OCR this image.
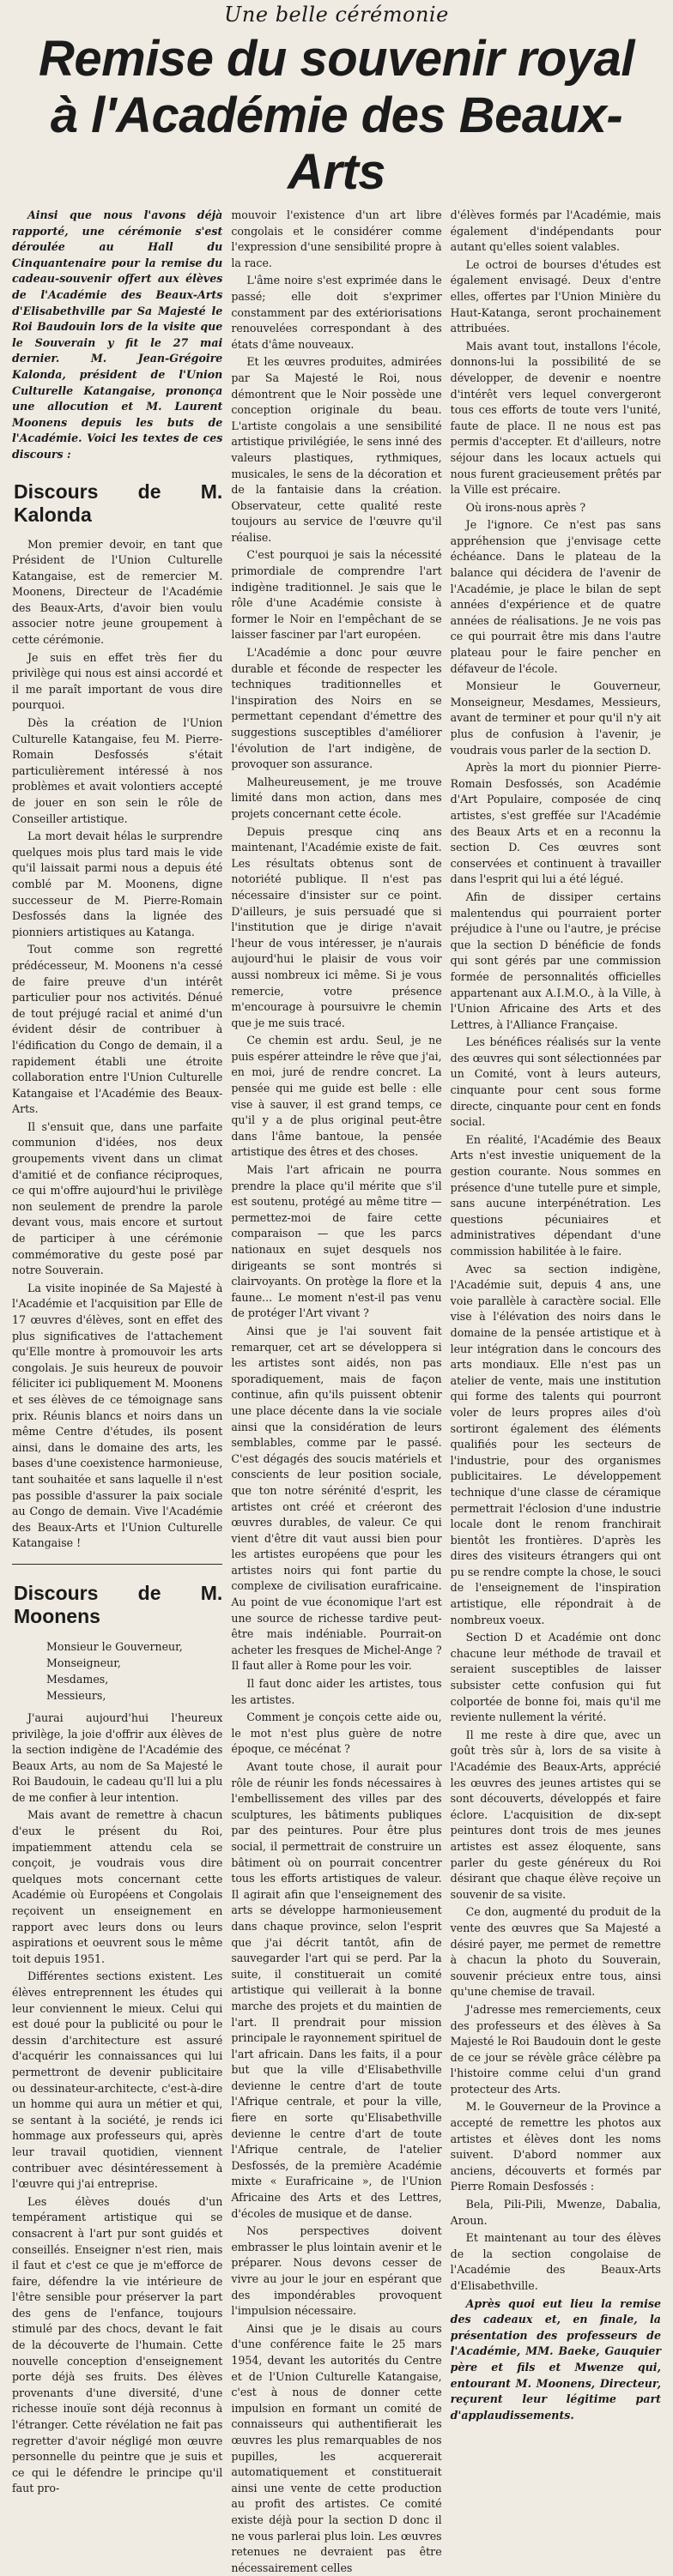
Une belle cérémonie
Remise du souvenir royal
à l'Académie des Beaux-Arts

Ainsi que nous l'avons déjà rapporté, une cérémonie s'est déroulée au Hall du Cinquantenaire pour la remise du cadeau-souvenir offert aux élèves de l'Académie des Beaux-Arts d'Elisabethville par Sa Majesté le Roi Baudouin lors de la visite que le Souverain y fit le 27 mai dernier. M. Jean-Grégoire Kalonda, président de l'Union Culturelle Katangaise, prononça une allocution et M. Laurent Moonens depuis les buts de l'Académie. Voici les textes de ces discours :

Discours de M. Kalonda

Mon premier devoir, en tant que Président de l'Union Culturelle Katangaise, est de remercier M. Moonens, Directeur de l'Académie des Beaux-Arts, d'avoir bien voulu associer notre jeune groupement à cette cérémonie.

Je suis en effet très fier du privilège qui nous est ainsi accordé et il me paraît important de vous dire pourquoi.

Dès la création de l'Union Culturelle Katangaise, feu M. Pierre-Romain Desfossés s'était particulièrement intéressé à nos problèmes et avait volontiers accepté de jouer en son sein le rôle de Conseiller artistique.

La mort devait hélas le surprendre quelques mois plus tard mais le vide qu'il laissait parmi nous a depuis été comblé par M. Moonens, digne successeur de M. Pierre-Romain Desfossés dans la lignée des pionniers artistiques au Katanga.

Tout comme son regretté prédécesseur, M. Moonens n'a cessé de faire preuve d'un intérêt particulier pour nos activités. Dénué de tout préjugé racial et animé d'un évident désir de contribuer à l'édification du Congo de demain, il a rapidement établi une étroite collaboration entre l'Union Culturelle Katangaise et l'Académie des Beaux-Arts.

Il s'ensuit que, dans une parfaite communion d'idées, nos deux groupements vivent dans un climat d'amitié et de confiance réciproques, ce qui m'offre aujourd'hui le privilège non seulement de prendre la parole devant vous, mais encore et surtout de participer à une cérémonie commémorative du geste posé par notre Souverain.

La visite inopinée de Sa Majesté à l'Académie et l'acquisition par Elle de 17 œuvres d'élèves, sont en effet des plus significatives de l'attachement qu'Elle montre à promouvoir les arts congolais. Je suis heureux de pouvoir féliciter ici publiquement M. Moonens et ses élèves de ce témoignage sans prix. Réunis blancs et noirs dans un même Centre d'études, ils posent ainsi, dans le domaine des arts, les bases d'une coexistence harmonieuse, tant souhaitée et sans laquelle il n'est pas possible d'assurer la paix sociale au Congo de demain. Vive l'Académie des Beaux-Arts et l'Union Culturelle Katangaise !

Discours de M. Moonens

Monsieur le Gouverneur,

Monseigneur,

Mesdames,

Messieurs,

J'aurai aujourd'hui l'heureux privilège, la joie d'offrir aux élèves de la section indigène de l'Académie des Beaux Arts, au nom de Sa Majesté le Roi Baudouin, le cadeau qu'Il lui a plu de me confier à leur intention.

Mais avant de remettre à chacun d'eux le présent du Roi, impatiemment attendu cela se conçoit, je voudrais vous dire quelques mots concernant cette Académie où Européens et Congolais reçoivent un enseignement en rapport avec leurs dons ou leurs aspirations et oeuvrent sous le même toit depuis 1951.

Différentes sections existent. Les élèves entreprennent les études qui leur conviennent le mieux. Celui qui est doué pour la publicité ou pour le dessin d'architecture est assuré d'acquérir les connaissances qui lui permettront de devenir publicitaire ou dessinateur-architecte, c'est-à-dire un homme qui aura un métier et qui, se sentant à la société, je rends ici hommage aux professeurs qui, après leur travail quotidien, viennent contribuer avec désintéressement à l'œuvre qui j'ai entreprise.

Les élèves doués d'un tempérament artistique qui se consacrent à l'art pur sont guidés et conseillés. Enseigner n'est rien, mais il faut et c'est ce que je m'efforce de faire, défendre la vie intérieure de l'être sensible pour préserver la part des gens de l'enfance, toujours stimulé par des chocs, devant le fait de la découverte de l'humain. Cette nouvelle conception d'enseignement porte déjà ses fruits. Des élèves provenants d'une diversité, d'une richesse inouïe sont déjà reconnus à l'étranger. Cette révélation ne fait pas regretter d'avoir négligé mon œuvre personnelle du peintre que je suis et ce qui le défendre le principe qu'il faut pro-

mouvoir l'existence d'un art libre congolais et le considérer comme l'expression d'une sensibilité propre à la race.

L'âme noire s'est exprimée dans le passé; elle doit s'exprimer constamment par des extériorisations renouvelées correspondant à des états d'âme nouveaux.

Et les œuvres produites, admirées par Sa Majesté le Roi, nous démontrent que le Noir possède une conception originale du beau. L'artiste congolais a une sensibilité artistique privilégiée, le sens inné des valeurs plastiques, rythmiques, musicales, le sens de la décoration et de la fantaisie dans la création. Observateur, cette qualité reste toujours au service de l'œuvre qu'il réalise.

C'est pourquoi je sais la nécessité primordiale de comprendre l'art indigène traditionnel. Je sais que le rôle d'une Académie consiste à former le Noir en l'empêchant de se laisser fasciner par l'art européen.

L'Académie a donc pour œuvre durable et féconde de respecter les techniques traditionnelles et l'inspiration des Noirs en se permettant cependant d'émettre des suggestions susceptibles d'améliorer l'évolution de l'art indigène, de provoquer son assurance.

Malheureusement, je me trouve limité dans mon action, dans mes projets concernant cette école.

Depuis presque cinq ans maintenant, l'Académie existe de fait. Les résultats obtenus sont de notoriété publique. Il n'est pas nécessaire d'insister sur ce point. D'ailleurs, je suis persuadé que si l'institution que je dirige n'avait l'heur de vous intéresser, je n'aurais aujourd'hui le plaisir de vous voir aussi nombreux ici même. Si je vous remercie, votre présence m'encourage à poursuivre le chemin que je me suis tracé.

Ce chemin est ardu. Seul, je ne puis espérer atteindre le rêve que j'ai, en moi, juré de rendre concret. La pensée qui me guide est belle : elle vise à sauver, il est grand temps, ce qu'il y a de plus original peut-être dans l'âme bantoue, la pensée artistique des êtres et des choses.

Mais l'art africain ne pourra prendre la place qu'il mérite que s'il est soutenu, protégé au même titre — permettez-moi de faire cette comparaison — que les parcs nationaux en sujet desquels nos dirigeants se sont montrés si clairvoyants. On protège la flore et la faune... Le moment n'est-il pas venu de protéger l'Art vivant ?

Ainsi que je l'ai souvent fait remarquer, cet art se développera si les artistes sont aidés, non pas sporadiquement, mais de façon continue, afin qu'ils puissent obtenir une place décente dans la vie sociale ainsi que la considération de leurs semblables, comme par le passé. C'est dégagés des soucis matériels et conscients de leur position sociale, que ton notre sérénité d'esprit, les artistes ont créé et créeront des œuvres durables, de valeur. Ce qui vient d'être dit vaut aussi bien pour les artistes européens que pour les artistes noirs qui font partie du complexe de civilisation eurafricaine. Au point de vue économique l'art est une source de richesse tardive peut-être mais indéniable. Pourrait-on acheter les fresques de Michel-Ange ? Il faut aller à Rome pour les voir.

Il faut donc aider les artistes, tous les artistes.

Comment je conçois cette aide ou, le mot n'est plus guère de notre époque, ce mécénat ?

Avant toute chose, il aurait pour rôle de réunir les fonds nécessaires à l'embellissement des villes par des sculptures, les bâtiments publiques par des peintures. Pour être plus social, il permettrait de construire un bâtiment où on pourrait concentrer tous les efforts artistiques de valeur. Il agirait afin que l'enseignement des arts se développe harmonieusement dans chaque province, selon l'esprit que j'ai décrit tantôt, afin de sauvegarder l'art qui se perd. Par la suite, il constituerait un comité artistique qui veillerait à la bonne marche des projets et du maintien de l'art. Il prendrait pour mission principale le rayonnement spirituel de l'art africain. Dans les faits, il a pour but que la ville d'Elisabethville devienne le centre d'art de toute l'Afrique centrale, et pour la ville, fiere en sorte qu'Elisabethville devienne le centre d'art de toute l'Afrique centrale, de l'atelier Desfossés, de la première Académie mixte « Eurafricaine », de l'Union Africaine des Arts et des Lettres, d'écoles de musique et de danse.

Nos perspectives doivent embrasser le plus lointain avenir et le préparer. Nous devons cesser de vivre au jour le jour en espérant que des impondérables provoquent l'impulsion nécessaire.

Ainsi que je le disais au cours d'une conférence faite le 25 mars 1954, devant les autorités du Centre et de l'Union Culturelle Katangaise, c'est à nous de donner cette impulsion en formant un comité de connaisseurs qui authentifierait les œuvres les plus remarquables de nos pupilles, les acquererait automatiquement et constituerait ainsi une vente de cette production au profit des artistes. Ce comité existe déjà pour la section D donc il ne vous parlerai plus loin. Les œuvres retenues ne devraient pas être nécessairement celles

d'élèves formés par l'Académie, mais également d'indépendants pour autant qu'elles soient valables.

Le octroi de bourses d'études est également envisagé. Deux d'entre elles, offertes par l'Union Minière du Haut-Katanga, seront prochainement attribuées.

Mais avant tout, installons l'école, donnons-lui la possibilité de se développer, de devenir e noentre d'intérêt vers lequel convergeront tous ces efforts de toute vers l'unité, faute de place. Il ne nous est pas permis d'accepter. Et d'ailleurs, notre séjour dans les locaux actuels qui nous furent gracieusement prêtés par la Ville est précaire.

Où irons-nous après ?

Je l'ignore. Ce n'est pas sans appréhension que j'envisage cette échéance. Dans le plateau de la balance qui décidera de l'avenir de l'Académie, je place le bilan de sept années d'expérience et de quatre années de réalisations. Je ne vois pas ce qui pourrait être mis dans l'autre plateau pour le faire pencher en défaveur de l'école.

Monsieur le Gouverneur, Monseigneur, Mesdames, Messieurs, avant de terminer et pour qu'il n'y ait plus de confusion à l'avenir, je voudrais vous parler de la section D.

Après la mort du pionnier Pierre-Romain Desfossés, son Académie d'Art Populaire, composée de cinq artistes, s'est greffée sur l'Académie des Beaux Arts et en a reconnu la section D. Ces œuvres sont conservées et continuent à travailler dans l'esprit qui lui a été légué.

Afin de dissiper certains malentendus qui pourraient porter préjudice à l'une ou l'autre, je précise que la section D bénéficie de fonds qui sont gérés par une commission formée de personnalités officielles appartenant aux A.I.M.O., à la Ville, à l'Union Africaine des Arts et des Lettres, à l'Alliance Française.

Les bénéfices réalisés sur la vente des œuvres qui sont sélectionnées par un Comité, vont à leurs auteurs, cinquante pour cent sous forme directe, cinquante pour cent en fonds social.

En réalité, l'Académie des Beaux Arts n'est investie uniquement de la gestion courante. Nous sommes en présence d'une tutelle pure et simple, sans aucune interpénétration. Les questions pécuniaires et administratives dépendant d'une commission habilitée à le faire.

Avec sa section indigène, l'Académie suit, depuis 4 ans, une voie parallèle à caractère social. Elle vise à l'élévation des noirs dans le domaine de la pensée artistique et à leur intégration dans le concours des arts mondiaux. Elle n'est pas un atelier de vente, mais une institution qui forme des talents qui pourront voler de leurs propres ailes d'où sortiront également des éléments qualifiés pour les secteurs de l'industrie, pour des organismes publicitaires. Le développement technique d'une classe de céramique permettrait l'éclosion d'une industrie locale dont le renom franchirait bientôt les frontières. D'après les dires des visiteurs étrangers qui ont pu se rendre compte la chose, le souci de l'enseignement de l'inspiration artistique, elle répondrait à de nombreux voeux.

Section D et Académie ont donc chacune leur méthode de travail et seraient susceptibles de laisser subsister cette confusion qui fut colportée de bonne foi, mais qu'il me reviente nullement la vérité.

Il me reste à dire que, avec un goût très sûr à, lors de sa visite à l'Académie des Beaux-Arts, apprécié les œuvres des jeunes artistes qui se sont découverts, développés et faire éclore. L'acquisition de dix-sept peintures dont trois de mes jeunes artistes est assez éloquente, sans parler du geste généreux du Roi désirant que chaque élève reçoive un souvenir de sa visite.

Ce don, augmenté du produit de la vente des œuvres que Sa Majesté a désiré payer, me permet de remettre à chacun la photo du Souverain, souvenir précieux entre tous, ainsi qu'une chemise de travail.

J'adresse mes remerciements, ceux des professeurs et des élèves à Sa Majesté le Roi Baudouin dont le geste de ce jour se révèle grâce célèbre pa l'histoire comme celui d'un grand protecteur des Arts.

M. le Gouverneur de la Province a accepté de remettre les photos aux artistes et élèves dont les noms suivent. D'abord nommer aux anciens, découverts et formés par Pierre Romain Desfossés :

Bela, Pili-Pili, Mwenze, Dabalia, Aroun.

Et maintenant au tour des élèves de la section congolaise de l'Académie des Beaux-Arts d'Elisabethville.

Après quoi eut lieu la remise des cadeaux et, en finale, la présentation des professeurs de l'Académie, MM. Baeke, Gauquier père et fils et Mwenze qui, entourant M. Moonens, Directeur, reçurent leur légitime part d'applaudissements.
